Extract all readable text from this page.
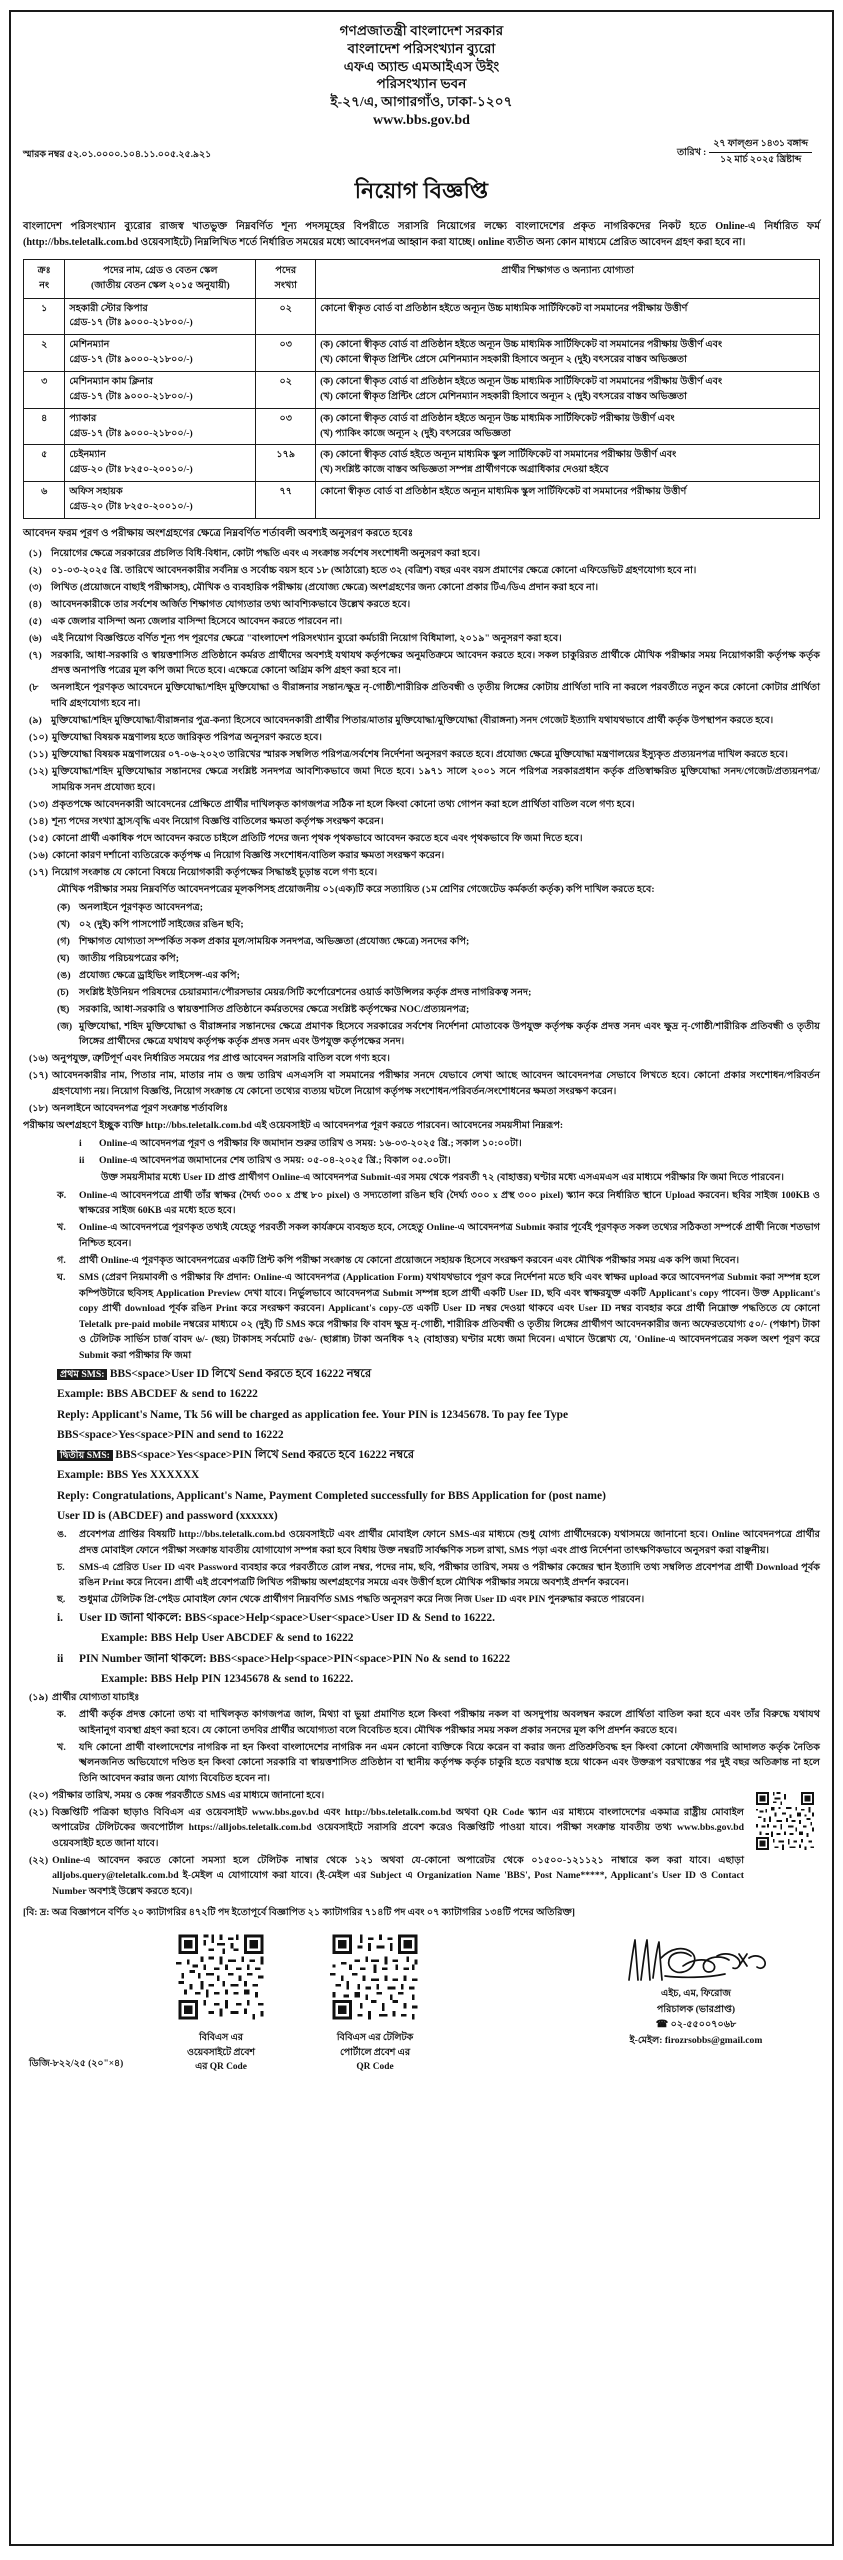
গণপ্রজাতন্ত্রী বাংলাদেশ সরকার
বাংলাদেশ পরিসংখ্যান ব্যুরো
এফএ অ্যান্ড এমআইএস উইং
পরিসংখ্যান ভবন
ই-২৭/এ, আগারগাঁও, ঢাকা-১২০৭
www.bbs.gov.bd
স্মারক নম্বর ৫২.০১.০০০০.১০৪.১১.০০৫.২৫.৯২১	তারিখ :
২৭ ফাল্গুন ১৪৩১ বঙ্গাব্দ
১২ মার্চ ২০২৫ খ্রিষ্টাব্দ
নিয়োগ বিজ্ঞপ্তি
বাংলাদেশ পরিসংখ্যান ব্যুরোর রাজস্ব খাতভুক্ত নিম্নবর্ণিত শূন্য পদসমূহের বিপরীতে সরাসরি নিয়োগের লক্ষ্যে বাংলাদেশের প্রকৃত নাগরিকদের নিকট হতে Online-এ নির্ধারিত ফর্ম (http://bbs.teletalk.com.bd ওয়েবসাইটে) নিম্নলিখিত শর্তে নির্ধারিত সময়ের মধ্যে আবেদনপত্র আহ্বান করা যাচ্ছে। online ব্যতীত অন্য কোন মাধ্যমে প্রেরিত আবেদন গ্রহণ করা হবে না।
ক্রঃ
নং	পদের নাম, গ্রেড ও বেতন স্কেল
(জাতীয় বেতন স্কেল ২০১৫ অনুযায়ী)	পদের
সংখ্যা	প্রার্থীর শিক্ষাগত ও অন্যান্য যোগ্যতা
১	সহকারী স্টোর কিপার
গ্রেড-১৭ (টাঃ ৯০০০-২১৮০০/-)	০২	কোনো স্বীকৃত বোর্ড বা প্রতিষ্ঠান হইতে অন্যূন উচ্চ মাধ্যমিক সার্টিফিকেট বা সমমানের পরীক্ষায় উত্তীর্ণ

২	মেশিনম্যান
গ্রেড-১৭ (টাঃ ৯০০০-২১৮০০/-)	০৩	(ক) কোনো স্বীকৃত বোর্ড বা প্রতিষ্ঠান হইতে অন্যূন উচ্চ মাধ্যমিক সার্টিফিকেট বা সমমানের পরীক্ষায় উত্তীর্ণ এবং
(খ) কোনো স্বীকৃত প্রিন্টিং প্রেসে মেশিনম্যান সহকারী হিসাবে অন্যূন ২ (দুই) বৎসরের বাস্তব অভিজ্ঞতা

৩	মেশিনম্যান কাম ক্লিনার
গ্রেড-১৭ (টাঃ ৯০০০-২১৮০০/-)	০২	(ক) কোনো স্বীকৃত বোর্ড বা প্রতিষ্ঠান হইতে অন্যূন উচ্চ মাধ্যমিক সার্টিফিকেট বা সমমানের পরীক্ষায় উত্তীর্ণ এবং
(খ) কোনো স্বীকৃত প্রিন্টিং প্রেসে মেশিনম্যান সহকারী হিসাবে অন্যূন ২ (দুই) বৎসরের বাস্তব অভিজ্ঞতা

৪	প্যাকার
গ্রেড-১৭ (টাঃ ৯০০০-২১৮০০/-)	০৩	(ক) কোনো স্বীকৃত বোর্ড বা প্রতিষ্ঠান হইতে অন্যূন উচ্চ মাধ্যমিক সার্টিফিকেট পরীক্ষায় উত্তীর্ণ এবং
(খ) প্যাকিং কাজে অন্যূন ২ (দুই) বৎসরের অভিজ্ঞতা

৫	চেইনম্যান
গ্রেড-২০ (টাঃ ৮২৫০-২০০১০/-)	১৭৯	(ক) কোনো স্বীকৃত বোর্ড হইতে অন্যূন মাধ্যমিক স্কুল সার্টিফিকেট বা সমমানের পরীক্ষায় উত্তীর্ণ এবং
(খ) সংশ্লিষ্ট কাজে বাস্তব অভিজ্ঞতা সম্পন্ন প্রার্থীগণকে অগ্রাধিকার দেওয়া হইবে

৬	অফিস সহায়ক
গ্রেড-২০ (টাঃ ৮২৫০-২০০১০/-)	৭৭	কোনো স্বীকৃত বোর্ড বা প্রতিষ্ঠান হইতে অন্যূন মাধ্যমিক স্কুল সার্টিফিকেট বা সমমানের পরীক্ষায় উত্তীর্ণ
আবেদন ফরম পূরণ ও পরীক্ষায় অংশগ্রহণের ক্ষেত্রে নিম্নবর্ণিত শর্তাবলী অবশ্যই অনুসরণ করতে হবেঃ
(১) নিয়োগের ক্ষেত্রে সরকারের প্রচলিত বিধি-বিধান, কোটা পদ্ধতি এবং এ সংক্রান্ত সর্বশেষ সংশোধনী অনুসরণ করা হবে।
(২) ০১-০৩-২০২৫ খ্রি. তারিখে আবেদনকারীর সর্বনিম্ন ও সর্বোচ্চ বয়স হবে ১৮ (আঠারো) হতে ৩২ (বত্রিশ) বছর এবং বয়স প্রমাণের ক্ষেত্রে কোনো এফিডেভিট গ্রহণযোগ্য হবে না।
(৩) লিখিত (প্রয়োজনে বাছাই পরীক্ষাসহ), মৌখিক ও ব্যবহারিক পরীক্ষায় (প্রযোজ্য ক্ষেত্রে) অংশগ্রহণের জন্য কোনো প্রকার টিএ/ডিএ প্রদান করা হবে না।
(৪) আবেদনকারীকে তার সর্বশেষ অর্জিত শিক্ষাগত যোগ্যতার তথ্য আবশ্যিকভাবে উল্লেখ করতে হবে।
(৫) এক জেলার বাসিন্দা অন্য জেলার বাসিন্দা হিসেবে আবেদন করতে পারবেন না।
(৬) এই নিয়োগ বিজ্ঞপ্তিতে বর্ণিত শূন্য পদ পূরণের ক্ষেত্রে "বাংলাদেশ পরিসংখ্যান ব্যুরো কর্মচারী নিয়োগ বিধিমালা, ২০১৯" অনুসরণ করা হবে।
(৭) সরকারি, আধা-সরকারি ও স্বায়ত্তশাসিত প্রতিষ্ঠানে কর্মরত প্রার্থীদের অবশ্যই যথাযথ কর্তৃপক্ষের অনুমতিক্রমে আবেদন করতে হবে। সকল চাকুরিরত প্রার্থীকে মৌখিক পরীক্ষার সময় নিয়োগকারী কর্তৃপক্ষ কর্তৃক প্রদত্ত অনাপত্তি পত্রের মূল কপি জমা দিতে হবে। এক্ষেত্রে কোনো অগ্রিম কপি গ্রহণ করা হবে না।
(৮	অনলাইনে পূরণকৃত আবেদনে মুক্তিযোদ্ধা/শহিদ মুক্তিযোদ্ধা ও বীরাঙ্গনার সন্তান/ক্ষুদ্র নৃ-গোষ্ঠী/শারীরিক প্রতিবন্ধী ও তৃতীয় লিঙ্গের কোটায় প্রার্থিতা দাবি না করলে পরবর্তীতে নতুন করে কোনো কোটার প্রার্থিতা দাবি গ্রহণযোগ্য হবে না।
(৯) মুক্তিযোদ্ধা/শহিদ মুক্তিযোদ্ধা/বীরাঙ্গনার পুত্র-কন্যা হিসেবে আবেদনকারী প্রার্থীর পিতার/মাতার মুক্তিযোদ্ধা/মুক্তিযোদ্ধা (বীরাঙ্গনা) সনদ গেজেট ইত্যাদি যথাযথভাবে প্রার্থী কর্তৃক উপস্থাপন করতে হবে।
(১০) মুক্তিযোদ্ধা বিষয়ক মন্ত্রণালয় হতে জারিকৃত পরিপত্র অনুসরণ করতে হবে।
(১১) মুক্তিযোদ্ধা বিষয়ক মন্ত্রণালয়ের ০৭-০৬-২০২৩ তারিখের স্মারক সম্বলিত পরিপত্র/সর্বশেষ নির্দেশনা অনুসরণ করতে হবে। প্রযোজ্য ক্ষেত্রে মুক্তিযোদ্ধা মন্ত্রণালয়ের ইস্যুকৃত প্রত্যয়নপত্র দাখিল করতে হবে।
(১২) মুক্তিযোদ্ধা/শহিদ মুক্তিযোদ্ধার সন্তানদের ক্ষেত্রে সংশ্লিষ্ট সনদপত্র আবশ্যিকভাবে জমা দিতে হবে। ১৯৭১ সালে ২০০১ সনে পরিপত্র সরকারপ্রধান কর্তৃক প্রতিস্বাক্ষরিত মুক্তিযোদ্ধা সনদ/গেজেট/প্রত্যয়নপত্র/সাময়িক সনদ প্রযোজ্য হবে।
(১৩) প্রকৃতপক্ষে আবেদনকারী আবেদনের প্রেক্ষিতে প্রার্থীর দাখিলকৃত কাগজপত্র সঠিক না হলে কিংবা কোনো তথ্য গোপন করা হলে প্রার্থিতা বাতিল বলে গণ্য হবে।
(১৪) শূন্য পদের সংখ্যা হ্রাস/বৃদ্ধি এবং নিয়োগ বিজ্ঞপ্তি বাতিলের ক্ষমতা কর্তৃপক্ষ সংরক্ষণ করেন।
(১৫) কোনো প্রার্থী একাধিক পদে আবেদন করতে চাইলে প্রতিটি পদের জন্য পৃথক পৃথকভাবে আবেদন করতে হবে এবং পৃথকভাবে ফি জমা দিতে হবে।
(১৬) কোনো কারণ দর্শানো ব্যতিরেকে কর্তৃপক্ষ এ নিয়োগ বিজ্ঞপ্তি সংশোধন/বাতিল করার ক্ষমতা সংরক্ষণ করেন।
(১৭) নিয়োগ সংক্রান্ত যে কোনো বিষয়ে নিয়োগকারী কর্তৃপক্ষের সিদ্ধান্তই চূড়ান্ত বলে গণ্য হবে।
মৌখিক পরীক্ষার সময় নিম্নবর্ণিত আবেদনপত্রের মূলকপিসহ প্রয়োজনীয় ০১(এক)টি করে সত্যায়িত (১ম শ্রেণির গেজেটেড কর্মকর্তা কর্তৃক) কপি দাখিল করতে হবে:
(ক) অনলাইনে পূরণকৃত আবেদনপত্র;
(খ) ০২ (দুই) কপি পাসপোর্ট সাইজের রঙিন ছবি;
(গ) শিক্ষাগত যোগ্যতা সম্পর্কিত সকল প্রকার মূল/সাময়িক সনদপত্র, অভিজ্ঞতা (প্রযোজ্য ক্ষেত্রে) সনদের কপি;
(ঘ) জাতীয় পরিচয়পত্রের কপি;
(ঙ) প্রযোজ্য ক্ষেত্রে ড্রাইভিং লাইসেন্স-এর কপি;
(চ)	সংশ্লিষ্ট ইউনিয়ন পরিষদের চেয়ারম্যান/পৌরসভার মেয়র/সিটি কর্পোরেশনের ওয়ার্ড কাউন্সিলর কর্তৃক প্রদত্ত নাগরিকত্ব সনদ;
(ছ) সরকারি, আধা-সরকারি ও স্বায়ত্তশাসিত প্রতিষ্ঠানে কর্মরতদের ক্ষেত্রে সংশ্লিষ্ট কর্তৃপক্ষের NOC/প্রত্যয়নপত্র;
(জ) মুক্তিযোদ্ধা, শহিদ মুক্তিযোদ্ধা ও বীরাঙ্গনার সন্তানদের ক্ষেত্রে প্রমাণক হিসেবে সরকারের সর্বশেষ নির্দেশনা মোতাবেক উপযুক্ত কর্তৃপক্ষ কর্তৃক প্রদত্ত সনদ এবং ক্ষুদ্র নৃ-গোষ্ঠী/শারীরিক প্রতিবন্ধী ও তৃতীয় লিঙ্গের প্রার্থীদের ক্ষেত্রে যথাযথ কর্তৃপক্ষ কর্তৃক প্রদত্ত সনদ এবং উপযুক্ত কর্তৃপক্ষের সনদ।
(১৬) অনুপযুক্ত, ত্রুটিপূর্ণ এবং নির্ধারিত সময়ের পর প্রাপ্ত আবেদন সরাসরি বাতিল বলে গণ্য হবে।
(১৭) আবেদনকারীর নাম, পিতার নাম, মাতার নাম ও জন্ম তারিখ এসএসসি বা সমমানের পরীক্ষার সনদে যেভাবে লেখা আছে আবেদন আবেদনপত্র সেভাবে লিখতে হবে। কোনো প্রকার সংশোধন/পরিবর্তন গ্রহণযোগ্য নয়। নিয়োগ বিজ্ঞপ্তি, নিয়োগ সংক্রান্ত যে কোনো তথ্যের ব্যত্যয় ঘটলে নিয়োগ কর্তৃপক্ষ সংশোধন/পরিবর্তন/সংশোধনের ক্ষমতা সংরক্ষণ করেন।
(১৮) অনলাইনে আবেদনপত্র পূরণ সংক্রান্ত শর্তাবলিঃ
পরীক্ষায় অংশগ্রহণে ইচ্ছুক ব্যক্তি http://bbs.teletalk.com.bd এই ওয়েবসাইট এ আবেদনপত্র পূরণ করতে পারবেন। আবেদনের সময়সীমা নিম্নরূপ:
i	Online-এ আবেদনপত্র পূরণ ও পরীক্ষার ফি জমাদান শুরুর তারিখ ও সময়: ১৬-০৩-২০২৫ খ্রি.; সকাল ১০:০০টা।
ii	Online-এ আবেদনপত্র জমাদানের শেষ তারিখ ও সময়: ০৫-০৪-২০২৫ খ্রি.; বিকাল ০৫.০০টা।
উক্ত সময়সীমার মধ্যে User ID প্রাপ্ত প্রার্থীগণ Online-এ আবেদনপত্র Submit-এর সময় থেকে পরবর্তী ৭২ (বাহাত্তর) ঘণ্টার মধ্যে এসএমএস এর মাধ্যমে পরীক্ষার ফি জমা দিতে পারবেন।
ক.	Online-এ আবেদনপত্রে প্রার্থী তাঁর স্বাক্ষর (দৈর্ঘ্য ৩০০ x প্রস্থ ৮০ pixel) ও সদ্যতোলা রঙিন ছবি (দৈর্ঘ্য ৩০০ x প্রস্থ ৩০০ pixel) স্ক্যান করে নির্ধারিত স্থানে Upload করবেন। ছবির সাইজ 100KB ও স্বাক্ষরের সাইজ 60KB এর মধ্যে হতে হবে।
খ.	Online-এ আবেদনপত্রে পূরণকৃত তথ্যই যেহেতু পরবর্তী সকল কার্যক্রমে ব্যবহৃত হবে, সেহেতু Online-এ আবেদনপত্র Submit করার পূর্বেই পূরণকৃত সকল তথ্যের সঠিকতা সম্পর্কে প্রার্থী নিজে শতভাগ নিশ্চিত হবেন।
গ.	প্রার্থী Online-এ পূরণকৃত আবেদনপত্রের একটি প্রিন্ট কপি পরীক্ষা সংক্রান্ত যে কোনো প্রয়োজনে সহায়ক হিসেবে সংরক্ষণ করবেন এবং মৌখিক পরীক্ষার সময় এক কপি জমা দিবেন।
ঘ.	SMS (প্রেরণ নিয়মাবলী ও পরীক্ষার ফি প্রদান: Online-এ আবেদনপত্র (Application Form) যথাযথভাবে পূরণ করে নির্দেশনা মতে ছবি এবং স্বাক্ষর upload করে আবেদনপত্র Submit করা সম্পন্ন হলে কম্পিউটারে ছবিসহ Application Preview দেখা যাবে। নির্ভুলভাবে আবেদনপত্র Submit সম্পন্ন হলে প্রার্থী একটি User ID, ছবি এবং স্বাক্ষরযুক্ত একটি Applicant's copy পাবেন। উক্ত Applicant's copy প্রার্থী download পূর্বক রঙিন Print করে সংরক্ষণ করবেন। Applicant's copy-তে একটি User ID নম্বর দেওয়া থাকবে এবং User ID নম্বর ব্যবহার করে প্রার্থী নিম্নোক্ত পদ্ধতিতে যে কোনো Teletalk pre-paid mobile নম্বরের মাধ্যমে ০২ (দুই) টি SMS করে পরীক্ষার ফি বাবদ ক্ষুদ্র নৃ-গোষ্ঠী, শারীরিক প্রতিবন্ধী ও তৃতীয় লিঙ্গের প্রার্থীগণ আবেদনকারীর জন্য অফেরতযোগ্য ৫০/- (পঞ্চাশ) টাকা ও টেলিটক সার্ভিস চার্জ বাবদ ৬/- (ছয়) টাকাসহ সর্বমোট ৫৬/- (ছাপ্পান্ন) টাকা অনধিক ৭২ (বাহাত্তর) ঘণ্টার মধ্যে জমা দিবেন। এখানে উল্লেখ্য যে, 'Online-এ আবেদনপত্রের সকল অংশ পূরণ করে Submit করা পরীক্ষার ফি জমা
প্রথম SMS: BBS<space>User ID লিখে Send করতে হবে 16222 নম্বরে
Example: BBS ABCDEF & send to 16222
Reply: Applicant's Name, Tk 56 will be charged as application fee. Your PIN is 12345678. To pay fee Type
BBS<space>Yes<space>PIN and send to 16222
দ্বিতীয় SMS: BBS<space>Yes<space>PIN লিখে Send করতে হবে 16222 নম্বরে
Example: BBS Yes XXXXXX
Reply: Congratulations, Applicant's Name, Payment Completed successfully for BBS Application for (post name)
User ID is (ABCDEF) and password (xxxxxx)
ঙ.	প্রবেশপত্র প্রাপ্তির বিষয়টি http://bbs.teletalk.com.bd ওয়েবসাইটে এবং প্রার্থীর মোবাইল ফোনে SMS-এর মাধ্যমে (শুধু যোগ্য প্রার্থীদেরকে) যথাসময়ে জানানো হবে। Online আবেদনপত্রে প্রার্থীর প্রদত্ত মোবাইল ফোনে পরীক্ষা সংক্রান্ত যাবতীয় যোগাযোগ সম্পন্ন করা হবে বিধায় উক্ত নম্বরটি সার্বক্ষণিক সচল রাখা, SMS পড়া এবং প্রাপ্ত নির্দেশনা তাৎক্ষণিকভাবে অনুসরণ করা বাঞ্ছনীয়।
চ.	SMS-এ প্রেরিত User ID এবং Password ব্যবহার করে পরবর্তীতে রোল নম্বর, পদের নাম, ছবি, পরীক্ষার তারিখ, সময় ও পরীক্ষার কেন্দ্রের স্থান ইত্যাদি তথ্য সম্বলিত প্রবেশপত্র প্রার্থী Download পূর্বক রঙিন Print করে নিবেন। প্রার্থী এই প্রবেশপত্রটি লিখিত পরীক্ষায় অংশগ্রহণের সময়ে এবং উত্তীর্ণ হলে মৌখিক পরীক্ষার সময়ে অবশ্যই প্রদর্শন করবেন।
ছ.	শুধুমাত্র টেলিটক প্রি-পেইড মোবাইল ফোন থেকে প্রার্থীগণ নিম্নবর্ণিত SMS পদ্ধতি অনুসরণ করে নিজ নিজ User ID এবং PIN পুনরুদ্ধার করতে পারবেন।
i.	User ID জানা থাকলে: BBS<space>Help<space>User<space>User ID & Send to 16222.
Example: BBS Help User ABCDEF & send to 16222
ii	PIN Number জানা থাকলে: BBS<space>Help<space>PIN<space>PIN No & send to 16222
Example: BBS Help PIN 12345678 & send to 16222.
(১৯) প্রার্থীর যোগ্যতা যাচাইঃ
ক.	প্রার্থী কর্তৃক প্রদত্ত কোনো তথ্য বা দাখিলকৃত কাগজপত্র জাল, মিথ্যা বা ভুয়া প্রমাণিত হলে কিংবা পরীক্ষায় নকল বা অসদুপায় অবলম্বন করলে প্রার্থিতা বাতিল করা হবে এবং তাঁর বিরুদ্ধে যথাযথ আইনানুগ ব্যবস্থা গ্রহণ করা হবে। যে কোনো তদবির প্রার্থীর অযোগ্যতা বলে বিবেচিত হবে। মৌখিক পরীক্ষার সময় সকল প্রকার সনদের মূল কপি প্রদর্শন করতে হবে।
খ.	যদি কোনো প্রার্থী বাংলাদেশের নাগরিক না হন কিংবা বাংলাদেশের নাগরিক নন এমন কোনো ব্যক্তিকে বিয়ে করেন বা করার জন্য প্রতিশ্রুতিবদ্ধ হন কিংবা কোনো ফৌজদারি আদালত কর্তৃক নৈতিক স্খলনজনিত অভিযোগে দণ্ডিত হন কিংবা কোনো সরকারি বা স্বায়ত্তশাসিত প্রতিষ্ঠান বা স্থানীয় কর্তৃপক্ষ কর্তৃক চাকুরি হতে বরখাস্ত হয়ে থাকেন এবং উক্তরূপ বরখাস্তের পর দুই বছর অতিক্রান্ত না হলে তিনি আবেদন করার জন্য যোগ্য বিবেচিত হবেন না।
(২০) পরীক্ষার তারিখ, সময় ও কেন্দ্র পরবর্তীতে SMS এর মাধ্যমে জানানো হবে।
(২১) বিজ্ঞপ্তিটি পত্রিকা ছাড়াও বিবিএস এর ওয়েবসাইট www.bbs.gov.bd এবং http://bbs.teletalk.com.bd অথবা QR Code স্ক্যান এর মাধ্যমে বাংলাদেশের একমাত্র রাষ্ট্রীয় মোবাইল অপারেটর টেলিটকের জবপোর্টাল https://alljobs.teletalk.com.bd ওয়েবসাইটে সরাসরি প্রবেশ করেও বিজ্ঞপ্তিটি পাওয়া যাবে। পরীক্ষা সংক্রান্ত যাবতীয় তথ্য www.bbs.gov.bd ওয়েবসাইট হতে জানা যাবে।
(২২) Online-এ আবেদন করতে কোনো সমস্যা হলে টেলিটক নাম্বার থেকে ১২১ অথবা যে-কোনো অপারেটর থেকে ০১৫০০-১২১১২১ নাম্বারে কল করা যাবে। এছাড়া alljobs.query@teletalk.com.bd ই-মেইল এ যোগাযোগ করা যাবে। (ই-মেইল এর Subject এ Organization Name 'BBS', Post Name*****, Applicant's User ID ও Contact Number অবশ্যই উল্লেখ করতে হবে)।
[বি: দ্র: অত্র বিজ্ঞাপনে বর্ণিত ২০ ক্যাটাগরির ৪৭২টি পদ ইতোপূর্বে বিজ্ঞাপিত ২১ ক্যাটাগরির ৭১৪টি পদ এবং ০৭ ক্যাটাগরির ১৩৪টি পদের অতিরিক্ত]
ডিজি-৮২২/২৫ (২০"×৪)
বিবিএস এর
ওয়েবসাইটে প্রবেশ
এর QR Code
বিবিএস এর টেলিটক
পোর্টালে প্রবেশ এর
QR Code
এইচ, এম, ফিরোজ
পরিচালক (ভারপ্রাপ্ত)
☎ ০২-৫৫০০৭০৬৮
ই-মেইল: firozrsobbs@gmail.com
